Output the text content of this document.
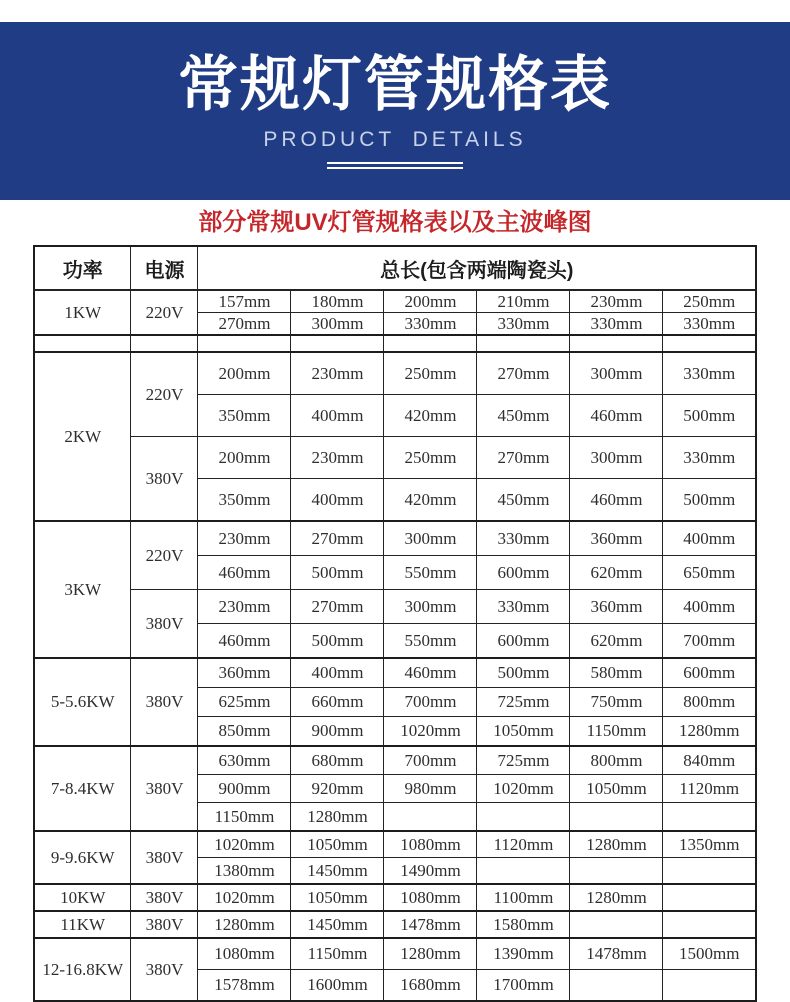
常规灯管规格表
PRODUCT DETAILS
部分常规UV灯管规格表以及主波峰图
功率	电源	总长(包含两端陶瓷头)					
1KW	220V	157mm	180mm	200mm	210mm	230mm	250mm
		270mm	300mm	330mm	330mm	330mm	330mm

2KW	220V	200mm	230mm	250mm	270mm	300mm	330mm
		350mm	400mm	420mm	450mm	460mm	500mm
	380V	200mm	230mm	250mm	270mm	300mm	330mm
		350mm	400mm	420mm	450mm	460mm	500mm
3KW	220V	230mm	270mm	300mm	330mm	360mm	400mm
		460mm	500mm	550mm	600mm	620mm	650mm
	380V	230mm	270mm	300mm	330mm	360mm	400mm
		460mm	500mm	550mm	600mm	620mm	700mm
5-5.6KW	380V	360mm	400mm	460mm	500mm	580mm	600mm
		625mm	660mm	700mm	725mm	750mm	800mm
		850mm	900mm	1020mm	1050mm	1150mm	1280mm
7-8.4KW	380V	630mm	680mm	700mm	725mm	800mm	840mm
		900mm	920mm	980mm	1020mm	1050mm	1120mm
		1150mm	1280mm				
9-9.6KW	380V	1020mm	1050mm	1080mm	1120mm	1280mm	1350mm
		1380mm	1450mm	1490mm			
10KW	380V	1020mm	1050mm	1080mm	1100mm	1280mm	
11KW	380V	1280mm	1450mm	1478mm	1580mm		
12-16.8KW	380V	1080mm	1150mm	1280mm	1390mm	1478mm	1500mm
		1578mm	1600mm	1680mm	1700mm		
